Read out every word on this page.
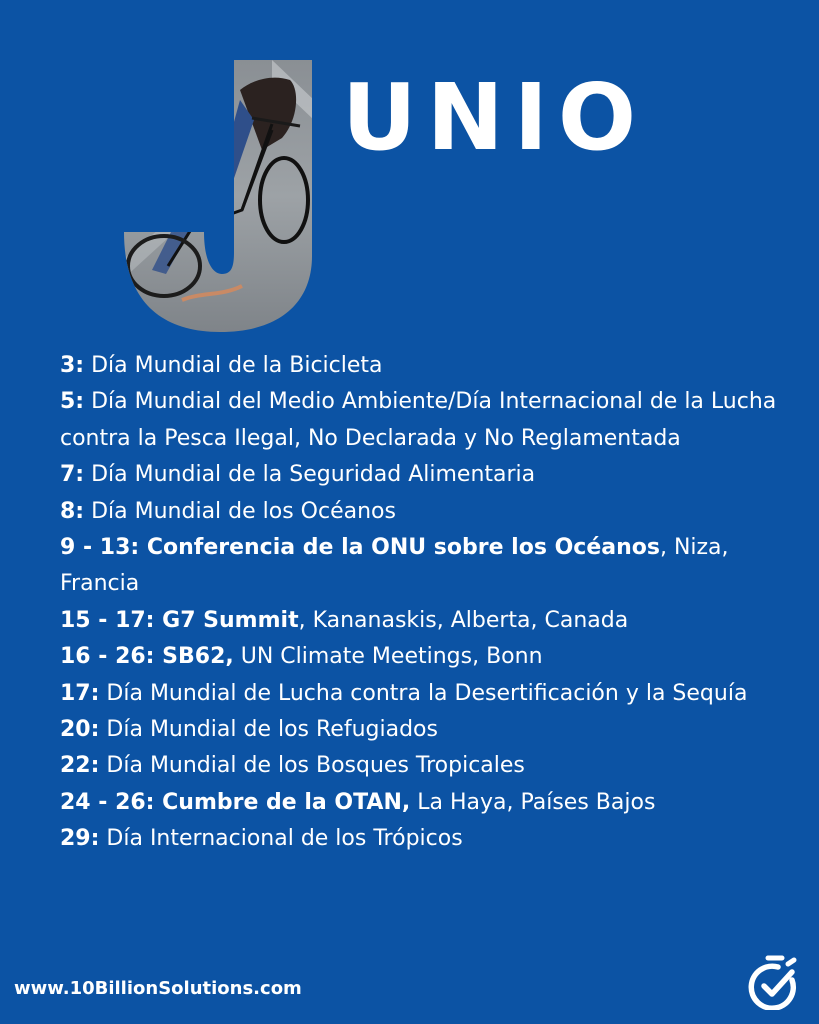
UNIO
3: Día Mundial de la Bicicleta
5: Día Mundial del Medio Ambiente/Día Internacional de la Lucha contra la Pesca Ilegal, No Declarada y No Reglamentada
7: Día Mundial de la Seguridad Alimentaria
8: Día Mundial de los Océanos
9 - 13: Conferencia de la ONU sobre los Océanos, Niza, Francia
15 - 17: G7 Summit, Kananaskis, Alberta, Canada
16 - 26: SB62, UN Climate Meetings, Bonn
17: Día Mundial de Lucha contra la Desertificación y la Sequía
20: Día Mundial de los Refugiados
22: Día Mundial de los Bosques Tropicales
24 - 26: Cumbre de la OTAN, La Haya, Países Bajos
29: Día Internacional de los Trópicos
www.10BillionSolutions.com
